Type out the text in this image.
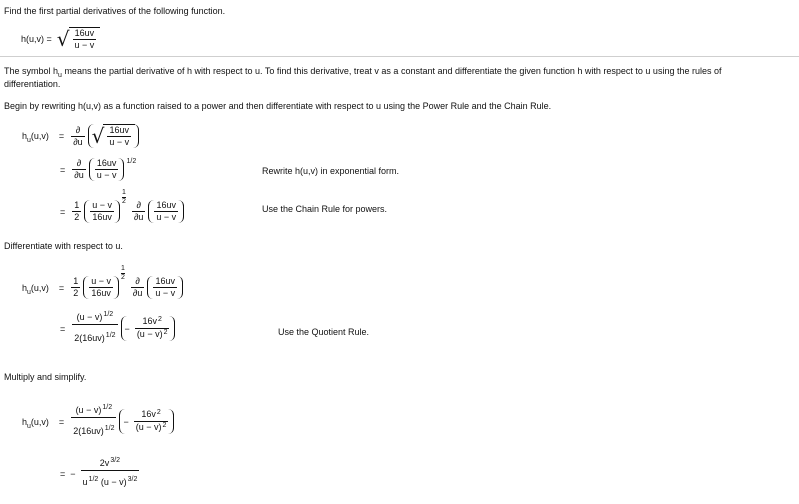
Find the first partial derivatives of the following function.
h(u,v) = √ $\frac{16uv}{u - v}$
The symbol $h_u$ means the partial derivative of h with respect to u. To find this derivative, treat v as a constant and differentiate the given function h with respect to u using the rules of
differentiation.
Begin by rewriting h(u,v) as a function raised to a power and then differentiate with respect to u using the Power Rule and the Chain Rule.
$h_u(u,v) = \frac{\partial}{\partial u}$ √ $\frac{16uv}{u - v}$
= $\frac{\partial}{\partial u} \frac{16uv}{u - v} 1/2$
Rewrite h(u,v) in exponential form.
= $\frac{1}{2} \frac{u - v}{16uv}$
$\frac{1}{2}$
$\frac{\partial}{\partial u} \frac{16uv}{u - v}$	Use the Chain Rule for powers.
Differentiate with respect to u.
$h_u(u,v) = \frac{1}{2} \frac{u - v}{16uv}$
$\frac{1}{2}$
$\frac{\partial}{\partial u} \frac{16uv}{u - v}$
= $\frac{(u - v)^{1/2}}{2(16uv)^{1/2}} - \frac{16v^2}{(u - v)^2}$	Use the Quotient Rule.
Multiply and simplify.
$h_u(u,v) = \frac{(u - v)^{1/2}}{2(16uv)^{1/2}} - \frac{16v^2}{(u - v)^2}$
= − $\frac{2v^{3/2}}{u^{1/2} (u - v)^{3/2}}$
